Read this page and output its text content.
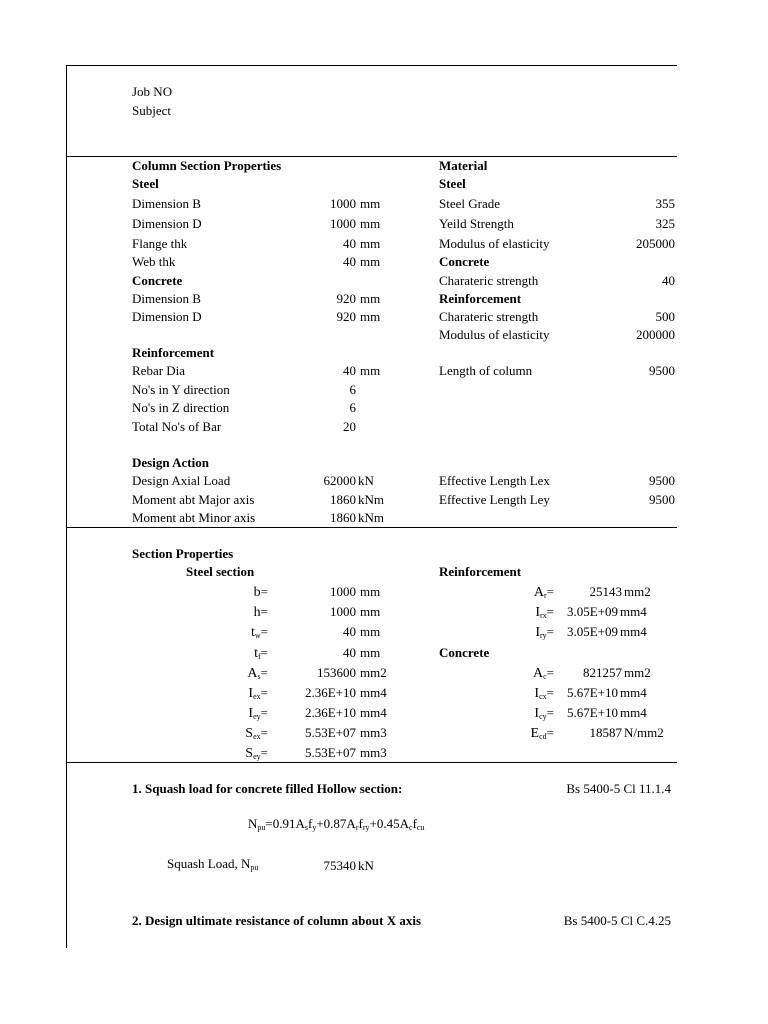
Job NO
Subject
Column Section Properties
Steel
Dimension B	1000 mm
Dimension D	1000 mm
Flange thk	40 mm
Web thk	40 mm
Concrete
Dimension B	920 mm
Dimension D	920 mm
Reinforcement
Rebar Dia	40 mm
No's in Y direction	6
No's in Z direction	6
Total No's of Bar	20
Design Action
Design Axial Load	62000 kN
Moment abt Major axis	1860 kNm
Moment abt Minor axis	1860 kNm
Material
Steel
Steel Grade	355
Yeild Strength	325
Modulus of elasticity	205000
Concrete
Charateric strength	40
Reinforcement
Charateric strength	500
Modulus of elasticity	200000
Length of column	9500
Effective Length Lex	9500
Effective Length Ley	9500
Section Properties
Steel section
b=	1000 mm
h=	1000 mm
$t_w=$	40 mm
$t_f=$	40 mm
$A_s=$	153600 mm2
$I_{ex}=$	2.36E+10 mm4
$I_{ey}=$	2.36E+10 mm4
$S_{ex}=$	5.53E+07 mm3
$S_{ey}=$	5.53E+07 mm3
Reinforcement
$A_r=$	25143 mm2
$I_{rx}= 3.05E+09$ mm4
$I_{ry}= 3.05E+09$ mm4
Concrete
$A_c=$	821257 mm2
$I_{cx}= 5.67E+10$ mm4
$I_{cy}= 5.67E+10$ mm4
$E_{cd}=$	18587 N/mm2
1. Squash load for concrete filled Hollow section:	Bs 5400-5 Cl 11.1.4
$N_{pu}=0.91A_sf_y+0.87A_rf_{ry}+0.45A_cf_{cu}$
Squash Load, $N_{pu}$	75340 kN
2. Design ultimate resistance of column about X axis	Bs 5400-5 Cl C.4.25
